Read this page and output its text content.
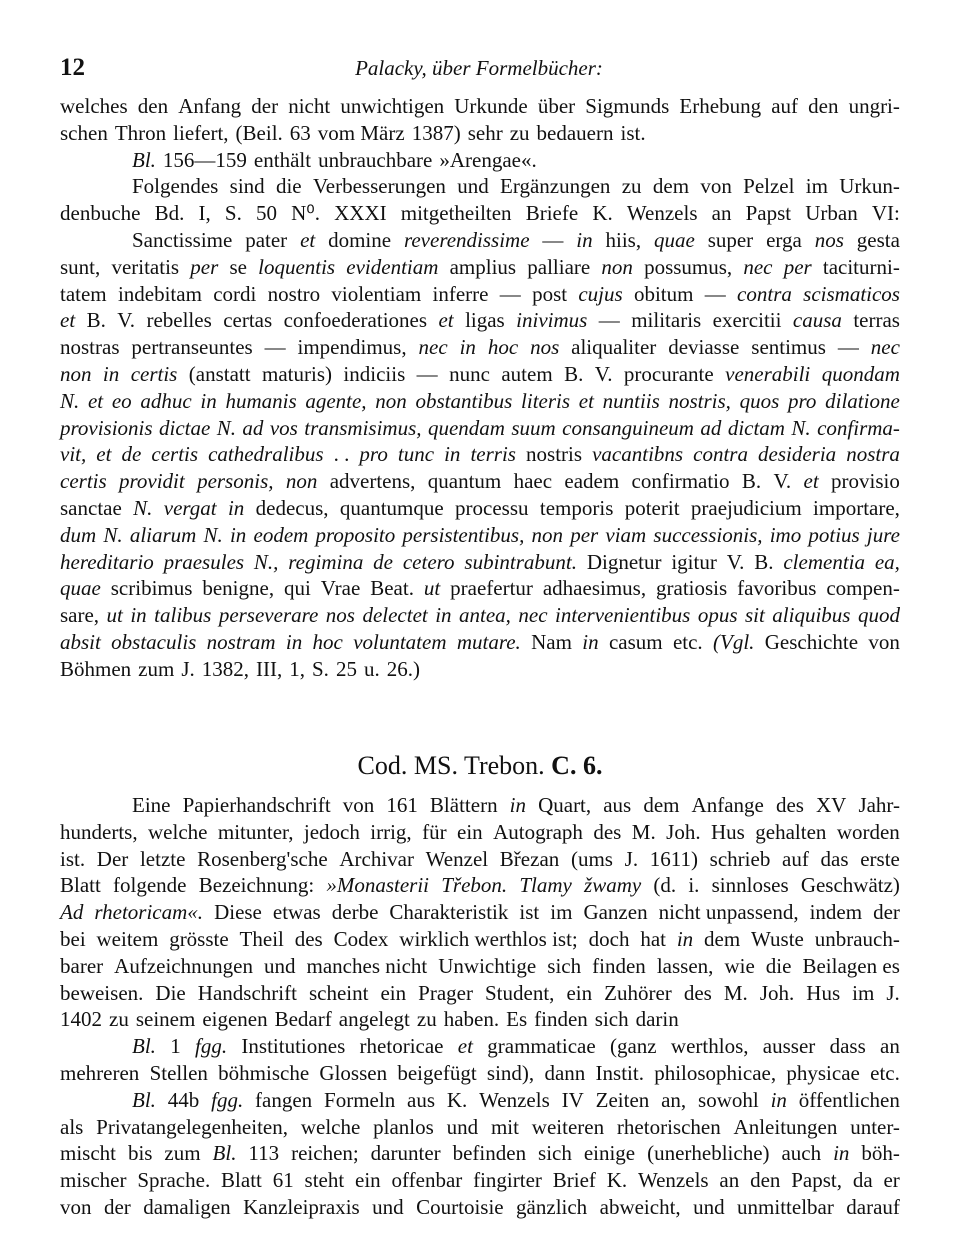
12	Palacky, über Formelbücher:
welches den Anfang der nicht unwichtigen Urkunde über Sigmunds Erhebung auf den ungri-
schen Thron liefert, (Beil. 63 vom März 1387) sehr zu bedauern ist.
Bl. 156—159 enthält unbrauchbare »Arengae«.
Folgendes sind die Verbesserungen und Ergänzungen zu dem von Pelzel im Urkun-
denbuche Bd. I, S. 50 N⁰. XXXI mitgetheilten Briefe K. Wenzels an Papst Urban VI:
Sanctissime pater et domine reverendissime — in hiis, quae super erga nos gesta
sunt, veritatis per se loquentis evidentiam amplius palliare non possumus, nec per taciturni-
tatem indebitam cordi nostro violentiam inferre — post cujus obitum — contra scismaticos
et B. V. rebelles certas confoederationes et ligas inivimus — militaris exercitii causa terras
nostras pertranseuntes — impendimus, nec in hoc nos aliqualiter deviasse sentimus — nec
non in certis (anstatt maturis) indiciis — nunc autem B. V. procurante venerabili quondam
N. et eo adhuc in humanis agente, non obstantibus literis et nuntiis nostris, quos pro dilatione
provisionis dictae N. ad vos transmisimus, quendam suum consanguineum ad dictam N. confirma-
vit, et de certis cathedralibus . . pro tunc in terris nostris vacantibns contra desideria nostra
certis providit personis, non advertens, quantum haec eadem confirmatio B. V. et provisio
sanctae N. vergat in dedecus, quantumque processu temporis poterit praejudicium importare,
dum N. aliarum N. in eodem proposito persistentibus, non per viam successionis, imo potius jure
hereditario praesules N., regimina de cetero subintrabunt. Dignetur igitur V. B. clementia ea,
quae scribimus benigne, qui Vrae Beat. ut praefertur adhaesimus, gratiosis favoribus compen-
sare, ut in talibus perseverare nos delectet in antea, nec intervenientibus opus sit aliquibus quod
absit obstaculis nostram in hoc voluntatem mutare. Nam in casum etc. (Vgl. Geschichte von
Böhmen zum J. 1382, III, 1, S. 25 u. 26.)
Cod. MS. Trebon. C. 6.
Eine Papierhandschrift von 161 Blättern in Quart, aus dem Anfange des XV Jahr-
hunderts, welche mitunter, jedoch irrig, für ein Autograph des M. Joh. Hus gehalten worden
ist. Der letzte Rosenberg'sche Archivar Wenzel Březan (ums J. 1611) schrieb auf das erste
Blatt folgende Bezeichnung: »Monasterii Třebon. Tlamy žwamy (d. i. sinnloses Geschwätz)
Ad rhetoricam«. Diese etwas derbe Charakteristik ist im Ganzen nicht unpassend, indem der
bei weitem grösste Theil des Codex wirklich werthlos ist; doch hat in dem Wuste unbrauch-
barer Aufzeichnungen und manches nicht Unwichtige sich finden lassen, wie die Beilagen es
beweisen. Die Handschrift scheint ein Prager Student, ein Zuhörer des M. Joh. Hus im J.
1402 zu seinem eigenen Bedarf angelegt zu haben. Es finden sich darin
Bl. 1 fgg. Institutiones rhetoricae et grammaticae (ganz werthlos, ausser dass an
mehreren Stellen böhmische Glossen beigefügt sind), dann Instit. philosophicae, physicae etc.
Bl. 44b fgg. fangen Formeln aus K. Wenzels IV Zeiten an, sowohl in öffentlichen
als Privatangelegenheiten, welche planlos und mit weiteren rhetorischen Anleitungen unter-
mischt bis zum Bl. 113 reichen; darunter befinden sich einige (unerhebliche) auch in böh-
mischer Sprache. Blatt 61 steht ein offenbar fingirter Brief K. Wenzels an den Papst, da er
von der damaligen Kanzleipraxis und Courtoisie gänzlich abweicht, und unmittelbar darauf
